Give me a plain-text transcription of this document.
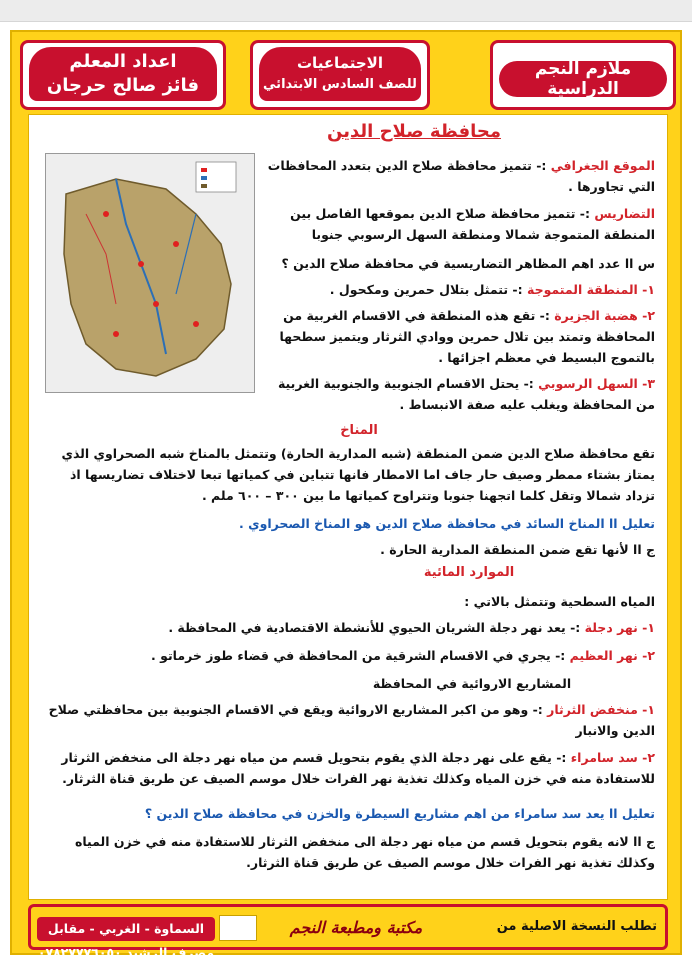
ملازم النجم الدراسية
الاجتماعيات
للصف السادس الابتدائي
اعداد المعلم
فائز صالح حرجان
محافظة صلاح الدين
الموقع الجغرافي :- تتميز محافظة صلاح الدين بتعدد المحافظات التي تجاورها .
التضاريس :- تتميز محافظة صلاح الدين بموقعها الفاصل بين المنطقة المتموجة شمالا ومنطقة السهل الرسوبي جنوبا
س اا عدد اهم المظاهر التضاريسية في محافظة صلاح الدين ؟
١- المنطقة المتموجة :- تتمثل بتلال حمرين ومكحول .
٢- هضبة الجزيرة :- تقع هذه المنطقة في الاقسام الغربية من المحافظة وتمتد بين تلال حمرين ووادي الثرثار ويتميز سطحها بالتموج البسيط في معظم اجزائها .
٣- السهل الرسوبي :- يحتل الاقسام الجنوبية والجنوبية الغربية من المحافظة ويغلب عليه صفة الانبساط .
المناخ
تقع محافظة صلاح الدين ضمن المنطقة (شبه المدارية الحارة) وتتمثل بالمناخ شبه الصحراوي الذي يمتاز بشتاء ممطر وصيف حار جاف اما الامطار فانها تتباين في كمياتها تبعا لاختلاف تضاريسها اذ تزداد شمالا وتقل كلما اتجهنا جنوبا وتتراوح كمياتها ما بين ٣٠٠ – ٦٠٠ ملم .
تعليل اا المناخ السائد في محافظة صلاح الدين هو المناخ الصحراوي .
ج اا لأنها تقع ضمن المنطقة المدارية الحارة .
الموارد المائية
المياه السطحية وتتمثل بالاتي :
١- نهر دجلة :- يعد نهر دجلة الشريان الحيوي للأنشطة الاقتصادية في المحافظة .
٢- نهر العظيم :- يجري في الاقسام الشرقية من المحافظة في قضاء طوز خرماتو .
المشاريع الاروائية في المحافظة
١- منخفض الثرثار :- وهو من اكبر المشاريع الاروائية ويقع في الاقسام الجنوبية بين محافظتي صلاح الدين والانبار
٢- سد سامراء :- يقع على نهر دجلة الذي يقوم بتحويل قسم من مياه نهر دجلة الى منخفض الثرثار للاستفادة منه في خزن المياه وكذلك تغذية نهر الفرات خلال موسم الصيف عن طريق قناة الثرثار.
تعليل اا يعد سد سامراء من اهم مشاريع السيطرة والخزن في محافظة صلاح الدين ؟
ج اا لانه يقوم بتحويل قسم من مياه نهر دجلة الى منخفض الثرثار للاستفادة منه في خزن المياه وكذلك تغذية نهر الفرات خلال موسم الصيف عن طريق قناة الثرثار.
تطلب النسخة الاصلية من
مكتبة ومطبعة النجم
السماوة - الغربي - مقابل مصرف الرشيد ٠٧٨٢٧٧٧٦٠٥٠
